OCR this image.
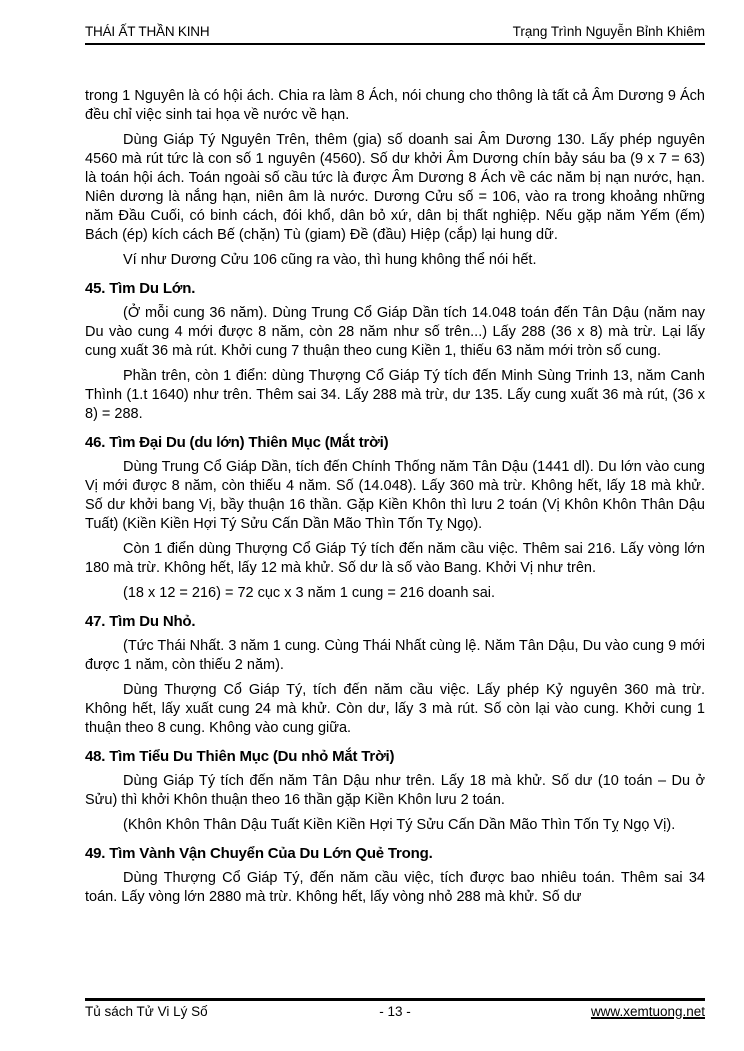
THÁI ẤT THẦN KINH	Trạng Trình Nguyễn Bỉnh Khiêm

trong 1 Nguyên là có hội ách. Chia ra làm 8 Ách, nói chung cho thông là tất cả Âm Dương 9 Ách đều chỉ việc sinh tai họa về nước về hạn.

Dùng Giáp Tý Nguyên Trên, thêm (gia) số doanh sai Âm Dương 130. Lấy phép nguyên 4560 mà rút tức là con số 1 nguyên (4560). Số dư khởi Âm Dương chín bảy sáu ba (9 x 7 = 63) là toán hội ách. Toán ngoài số cầu tức là được Âm Dương 8 Ách về các năm bị nạn nước, hạn. Niên dương là nắng hạn, niên âm là nước. Dương Cửu số = 106, vào ra trong khoảng những năm Đầu Cuối, có binh cách, đói khổ, dân bỏ xứ, dân bị thất nghiệp. Nếu gặp năm Yếm (ếm) Bách (ép) kích cách Bế (chặn) Tù (giam) Đề (đầu) Hiệp (cắp) lại hung dữ.

Ví như Dương Cửu 106 cũng ra vào, thì hung không thể nói hết.

45. Tìm Du Lớn.

(Ở mỗi cung 36 năm). Dùng Trung Cổ Giáp Dần tích 14.048 toán đến Tân Dậu (năm nay Du vào cung 4 mới được 8 năm, còn 28 năm như số trên...) Lấy 288 (36 x 8) mà trừ. Lại lấy cung xuất 36 mà rút. Khởi cung 7 thuận theo cung Kiền 1, thiếu 63 năm mới tròn số cung.

Phần trên, còn 1 điển: dùng Thượng Cổ Giáp Tý tích đến Minh Sùng Trinh 13, năm Canh Thình (1.t 1640) như trên. Thêm sai 34. Lấy 288 mà trừ, dư 135. Lấy cung xuất 36 mà rút, (36 x 8) = 288.

46. Tìm Đại Du (du lớn) Thiên Mục (Mắt trời)

Dùng Trung Cổ Giáp Dần, tích đến Chính Thống năm Tân Dậu (1441 dl). Du lớn vào cung Vị mới được 8 năm, còn thiếu 4 năm. Số (14.048). Lấy 360 mà trừ. Không hết, lấy 18 mà khử. Số dư khởi bang Vị, bầy thuận 16 thần. Gặp Kiền Khôn thì lưu 2 toán (Vị Khôn Khôn Thân Dậu Tuất) (Kiền Kiền Hợi Tý Sửu Cấn Dần Mão Thìn Tốn Tỵ Ngọ).

Còn 1 điển dùng Thượng Cổ Giáp Tý tích đến năm cầu việc. Thêm sai 216. Lấy vòng lớn 180 mà trừ. Không hết, lấy 12 mà khử. Số dư là số vào Bang. Khởi Vị như trên.

(18 x 12 = 216) = 72 cục x 3 năm 1 cung = 216 doanh sai.

47. Tìm Du Nhỏ.

(Tức Thái Nhất. 3 năm 1 cung. Cùng Thái Nhất cùng lệ. Năm Tân Dậu, Du vào cung 9 mới được 1 năm, còn thiếu 2 năm).

Dùng Thượng Cổ Giáp Tý, tích đến năm cầu việc. Lấy phép Kỷ nguyên 360 mà trừ. Không hết, lấy xuất cung 24 mà khử. Còn dư, lấy 3 mà rút. Số còn lại vào cung. Khởi cung 1 thuận theo 8 cung. Không vào cung giữa.

48. Tìm Tiểu Du Thiên Mục (Du nhỏ Mắt Trời)

Dùng Giáp Tý tích đến năm Tân Dậu như trên. Lấy 18 mà khử. Số dư (10 toán – Du ở Sửu) thì khởi Khôn thuận theo 16 thần gặp Kiền Khôn lưu 2 toán.

(Khôn Khôn Thân Dậu Tuất Kiền Kiền Hợi Tý Sửu Cấn Dần Mão Thìn Tốn Tỵ Ngọ Vị).

49. Tìm Vành Vận Chuyển Của Du Lớn Quẻ Trong.

Dùng Thượng Cổ Giáp Tý, đến năm cầu việc, tích được bao nhiêu toán. Thêm sai 34 toán. Lấy vòng lớn 2880 mà trừ. Không hết, lấy vòng nhỏ 288 mà khử. Số dư

- 13 -
Tủ sách Tử Vi Lý Số	www.xemtuong.net
